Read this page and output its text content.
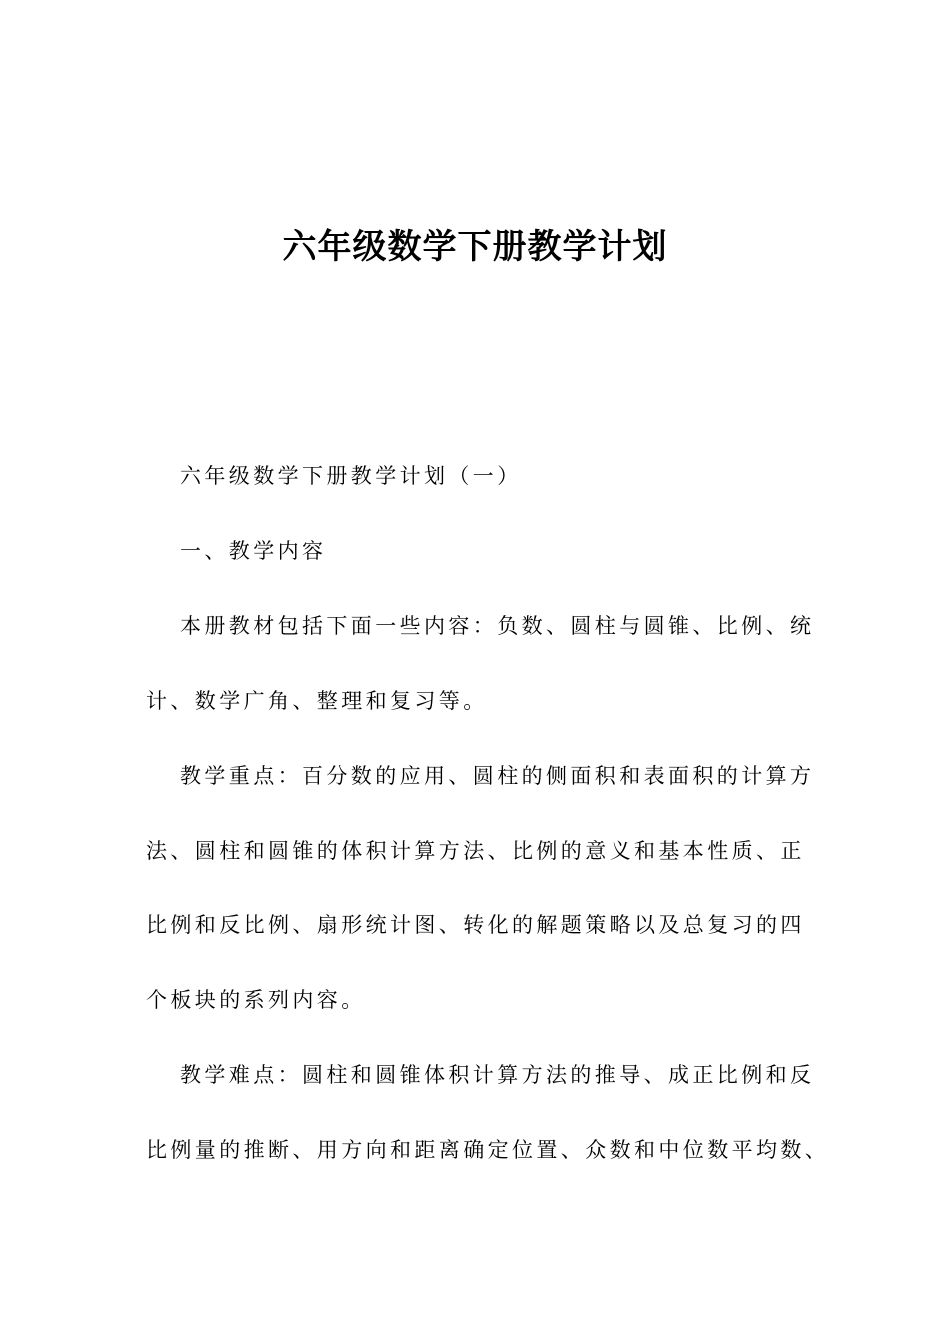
六年级数学下册教学计划

六年级数学下册教学计划（一）

一、教学内容

本册教材包括下面一些内容：负数、圆柱与圆锥、比例、统

计、数学广角、整理和复习等。

教学重点：百分数的应用、圆柱的侧面积和表面积的计算方

法、圆柱和圆锥的体积计算方法、比例的意义和基本性质、正

比例和反比例、扇形统计图、转化的解题策略以及总复习的四

个板块的系列内容。

教学难点：圆柱和圆锥体积计算方法的推导、成正比例和反

比例量的推断、用方向和距离确定位置、众数和中位数平均数、
